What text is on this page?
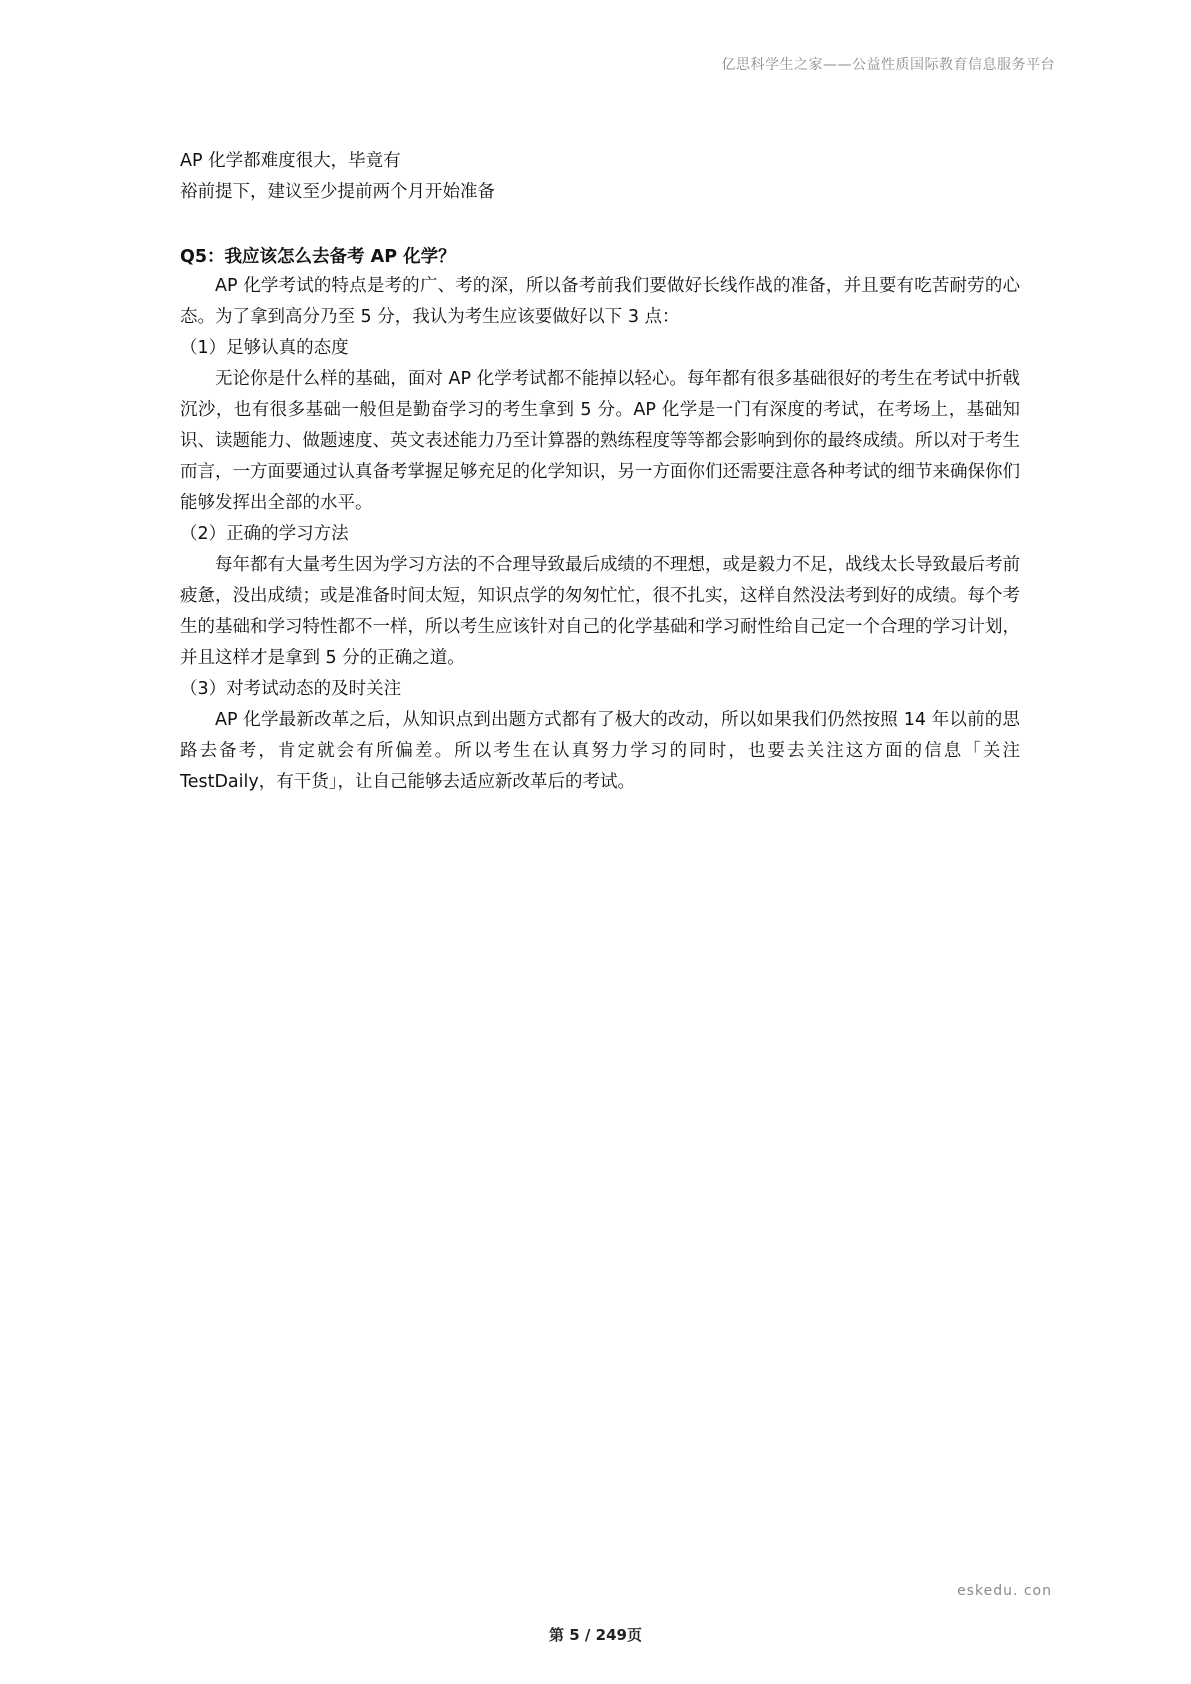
亿思科学生之家——公益性质国际教育信息服务平台

AP 化学都难度很大，毕竟有

裕前提下，建议至少提前两个月开始准备

Q5：我应该怎么去备考 AP 化学？

AP 化学考试的特点是考的广、考的深，所以备考前我们要做好长线作战的准备，并且要有吃苦耐劳的心态。为了拿到高分乃至 5 分，我认为考生应该要做好以下 3 点：

（1）足够认真的态度

无论你是什么样的基础，面对 AP 化学考试都不能掉以轻心。每年都有很多基础很好的考生在考试中折戟沉沙，也有很多基础一般但是勤奋学习的考生拿到 5 分。AP 化学是一门有深度的考试，在考场上，基础知识、读题能力、做题速度、英文表述能力乃至计算器的熟练程度等等都会影响到你的最终成绩。所以对于考生而言，一方面要通过认真备考掌握足够充足的化学知识，另一方面你们还需要注意各种考试的细节来确保你们能够发挥出全部的水平。

（2）正确的学习方法

每年都有大量考生因为学习方法的不合理导致最后成绩的不理想，或是毅力不足，战线太长导致最后考前疲惫，没出成绩；或是准备时间太短，知识点学的匆匆忙忙，很不扎实，这样自然没法考到好的成绩。每个考生的基础和学习特性都不一样，所以考生应该针对自己的化学基础和学习耐性给自己定一个合理的学习计划，并且这样才是拿到 5 分的正确之道。

（3）对考试动态的及时关注

AP 化学最新改革之后，从知识点到出题方式都有了极大的改动，所以如果我们仍然按照 14 年以前的思路去备考，肯定就会有所偏差。所以考生在认真努力学习的同时，也要去关注这方面的信息「关注 TestDaily，有干货」，让自己能够去适应新改革后的考试。

eskedu. con
第 5 / 249页
